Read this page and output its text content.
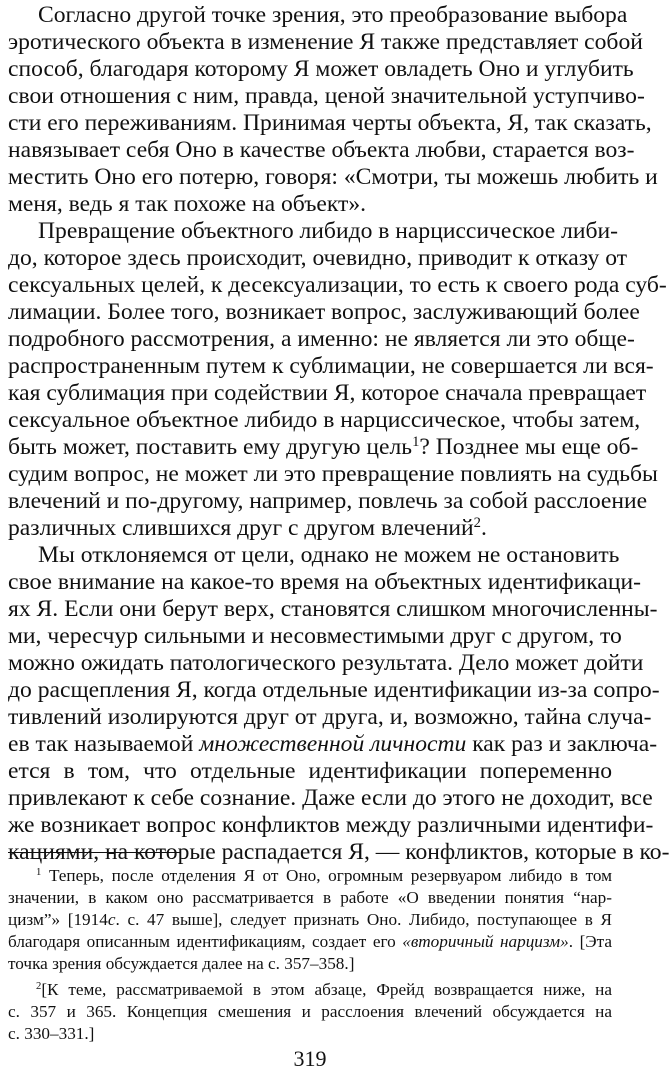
Согласно другой точке зрения, это преобразование выбора
эротического объекта в изменение Я также представляет собой
способ, благодаря которому Я может овладеть Оно и углубить
свои отношения с ним, правда, ценой значительной уступчиво-
сти его переживаниям. Принимая черты объекта, Я, так сказать,
навязывает себя Оно в качестве объекта любви, старается воз-
местить Оно его потерю, говоря: «Смотри, ты можешь любить и
меня, ведь я так похоже на объект».
Превращение объектного либидо в нарциссическое либи-
до, которое здесь происходит, очевидно, приводит к отказу от
сексуальных целей, к десексуализации, то есть к своего рода суб-
лимации. Более того, возникает вопрос, заслуживающий более
подробного рассмотрения, а именно: не является ли это обще-
распространенным путем к сублимации, не совершается ли вся-
кая сублимация при содействии Я, которое сначала превращает
сексуальное объектное либидо в нарциссическое, чтобы затем,
быть может, поставить ему другую цель$^1$? Позднее мы еще об-
судим вопрос, не может ли это превращение повлиять на судьбы
влечений и по-другому, например, повлечь за собой расслоение
различных слившихся друг с другом влечений$^2$.
Мы отклоняемся от цели, однако не можем не остановить
свое внимание на какое-то время на объектных идентификаци-
ях Я. Если они берут верх, становятся слишком многочисленны-
ми, чересчур сильными и несовместимыми друг с другом, то
можно ожидать патологического результата. Дело может дойти
до расщепления Я, когда отдельные идентификации из-за сопро-
тивлений изолируются друг от друга, и, возможно, тайна случа-
ев так называемой множественной личности как раз и заключа-
ется в том, что отдельные идентификации попеременно
привлекают к себе сознание. Даже если до этого не доходит, все
же возникает вопрос конфликтов между различными идентифи-
кациями, на которые распадается Я, — конфликтов, которые в ко-
$^1$ Теперь, после отделения Я от Оно, огромным резервуаром либидо в том
значении, в каком оно рассматривается в работе «О введении понятия “нар-
цизм”» [1914c. с. 47 выше], следует признать Оно. Либидо, поступающее в Я
благодаря описанным идентификациям, создает его «вторичный нарцизм». [Эта
точка зрения обсуждается далее на с. 357–358.]
$^2$[К теме, рассматриваемой в этом абзаце, Фрейд возвращается ниже, на
с. 357 и 365. Концепция смешения и расслоения влечений обсуждается на
с. 330–331.]
319
